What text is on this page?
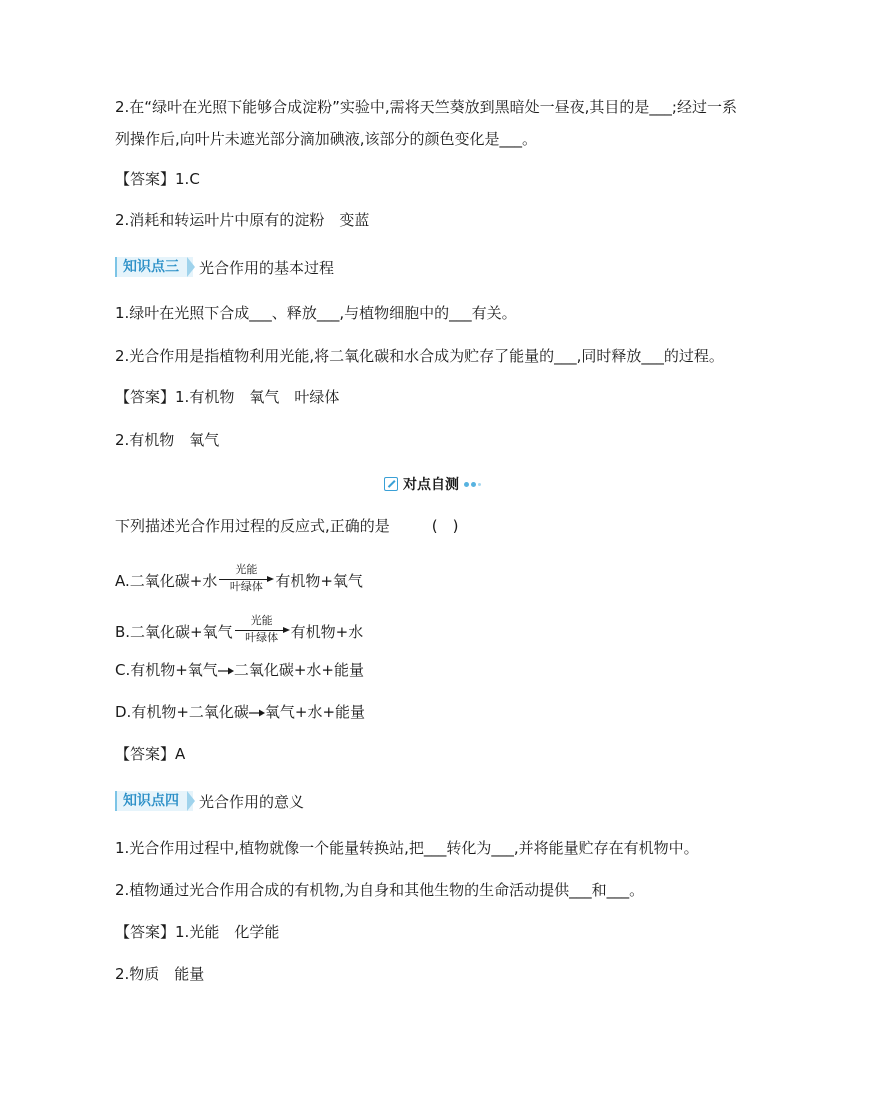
2.在“绿叶在光照下能够合成淀粉”实验中,需将天竺葵放到黑暗处一昼夜,其目的是___;经过一系
列操作后,向叶片未遮光部分滴加碘液,该部分的颜色变化是___。
【答案】1.C
2.消耗和转运叶片中原有的淀粉　变蓝
知识点三	光合作用的基本过程
1.绿叶在光照下合成___、释放___,与植物细胞中的___有关。
2.光合作用是指植物利用光能,将二氧化碳和水合成为贮存了能量的___,同时释放___的过程。
【答案】1.有机物　氧气　叶绿体
2.有机物　氧气
对点自测
下列描述光合作用过程的反应式,正确的是	(　)
A.二氧化碳+水
光能
叶绿体 有机物+氧气
B.二氧化碳+氧气
光能
叶绿体 有机物+水
C.有机物+氧气 二氧化碳+水+能量
D.有机物+二氧化碳 氧气+水+能量
【答案】A
知识点四	光合作用的意义
1.光合作用过程中,植物就像一个能量转换站,把___转化为___,并将能量贮存在有机物中。
2.植物通过光合作用合成的有机物,为自身和其他生物的生命活动提供___和___。
【答案】1.光能　化学能
2.物质　能量
